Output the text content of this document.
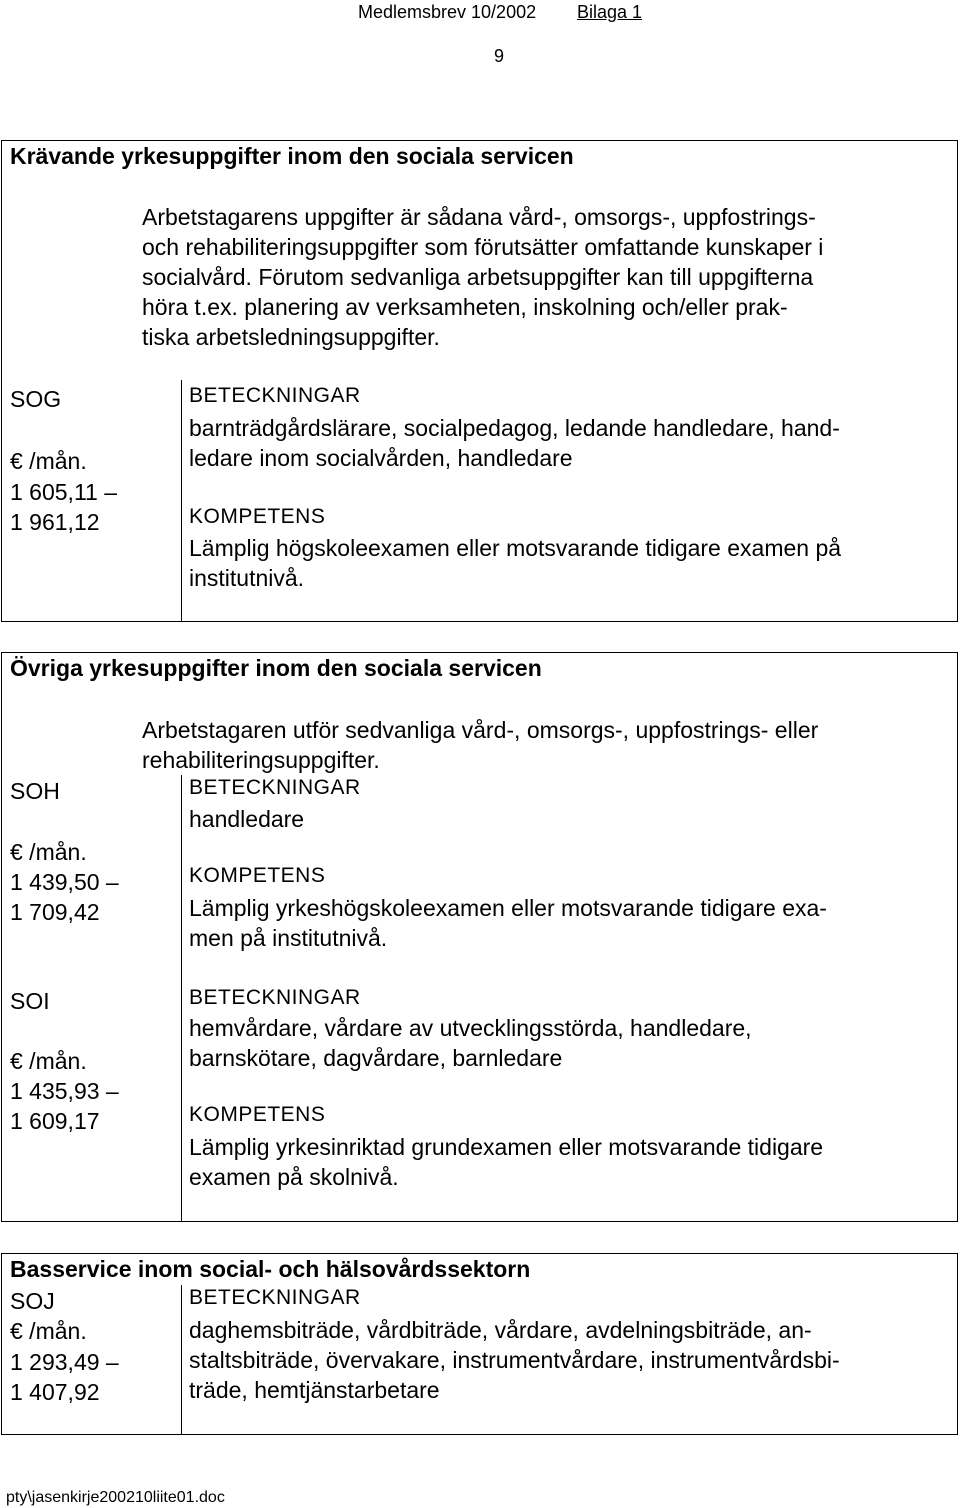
Medlemsbrev 10/2002 Bilaga 1
9
Krävande yrkesuppgifter inom den sociala servicen
Arbetstagarens uppgifter är sådana vård-, omsorgs-, uppfostrings-
och rehabiliteringsuppgifter som förutsätter omfattande kunskaper i
socialvård. Förutom sedvanliga arbetsuppgifter kan till uppgifterna
höra t.ex. planering av verksamheten, inskolning och/eller prak-
tiska arbetsledningsuppgifter.
SOG
€ /mån.
1 605,11 –
1 961,12
BETECKNINGAR
barnträdgårdslärare, socialpedagog, ledande handledare, hand-
ledare inom socialvården, handledare
KOMPETENS
Lämplig högskoleexamen eller motsvarande tidigare examen på
institutnivå.
Övriga yrkesuppgifter inom den sociala servicen
Arbetstagaren utför sedvanliga vård-, omsorgs-, uppfostrings- eller
rehabiliteringsuppgifter.
SOH
€ /mån.
1 439,50 –
1 709,42
BETECKNINGAR
handledare
KOMPETENS
Lämplig yrkeshögskoleexamen eller motsvarande tidigare exa-
men på institutnivå.
SOI
€ /mån.
1 435,93 –
1 609,17
BETECKNINGAR
hemvårdare, vårdare av utvecklingsstörda, handledare,
barnskötare, dagvårdare, barnledare
KOMPETENS
Lämplig yrkesinriktad grundexamen eller motsvarande tidigare
examen på skolnivå.
Basservice inom social- och hälsovårdssektorn
SOJ
€ /mån.
1 293,49 –
1 407,92
BETECKNINGAR
daghemsbiträde, vårdbiträde, vårdare, avdelningsbiträde, an-
staltsbiträde, övervakare, instrumentvårdare, instrumentvårdsbi-
träde, hemtjänstarbetare
pty\jasenkirje200210liite01.doc
